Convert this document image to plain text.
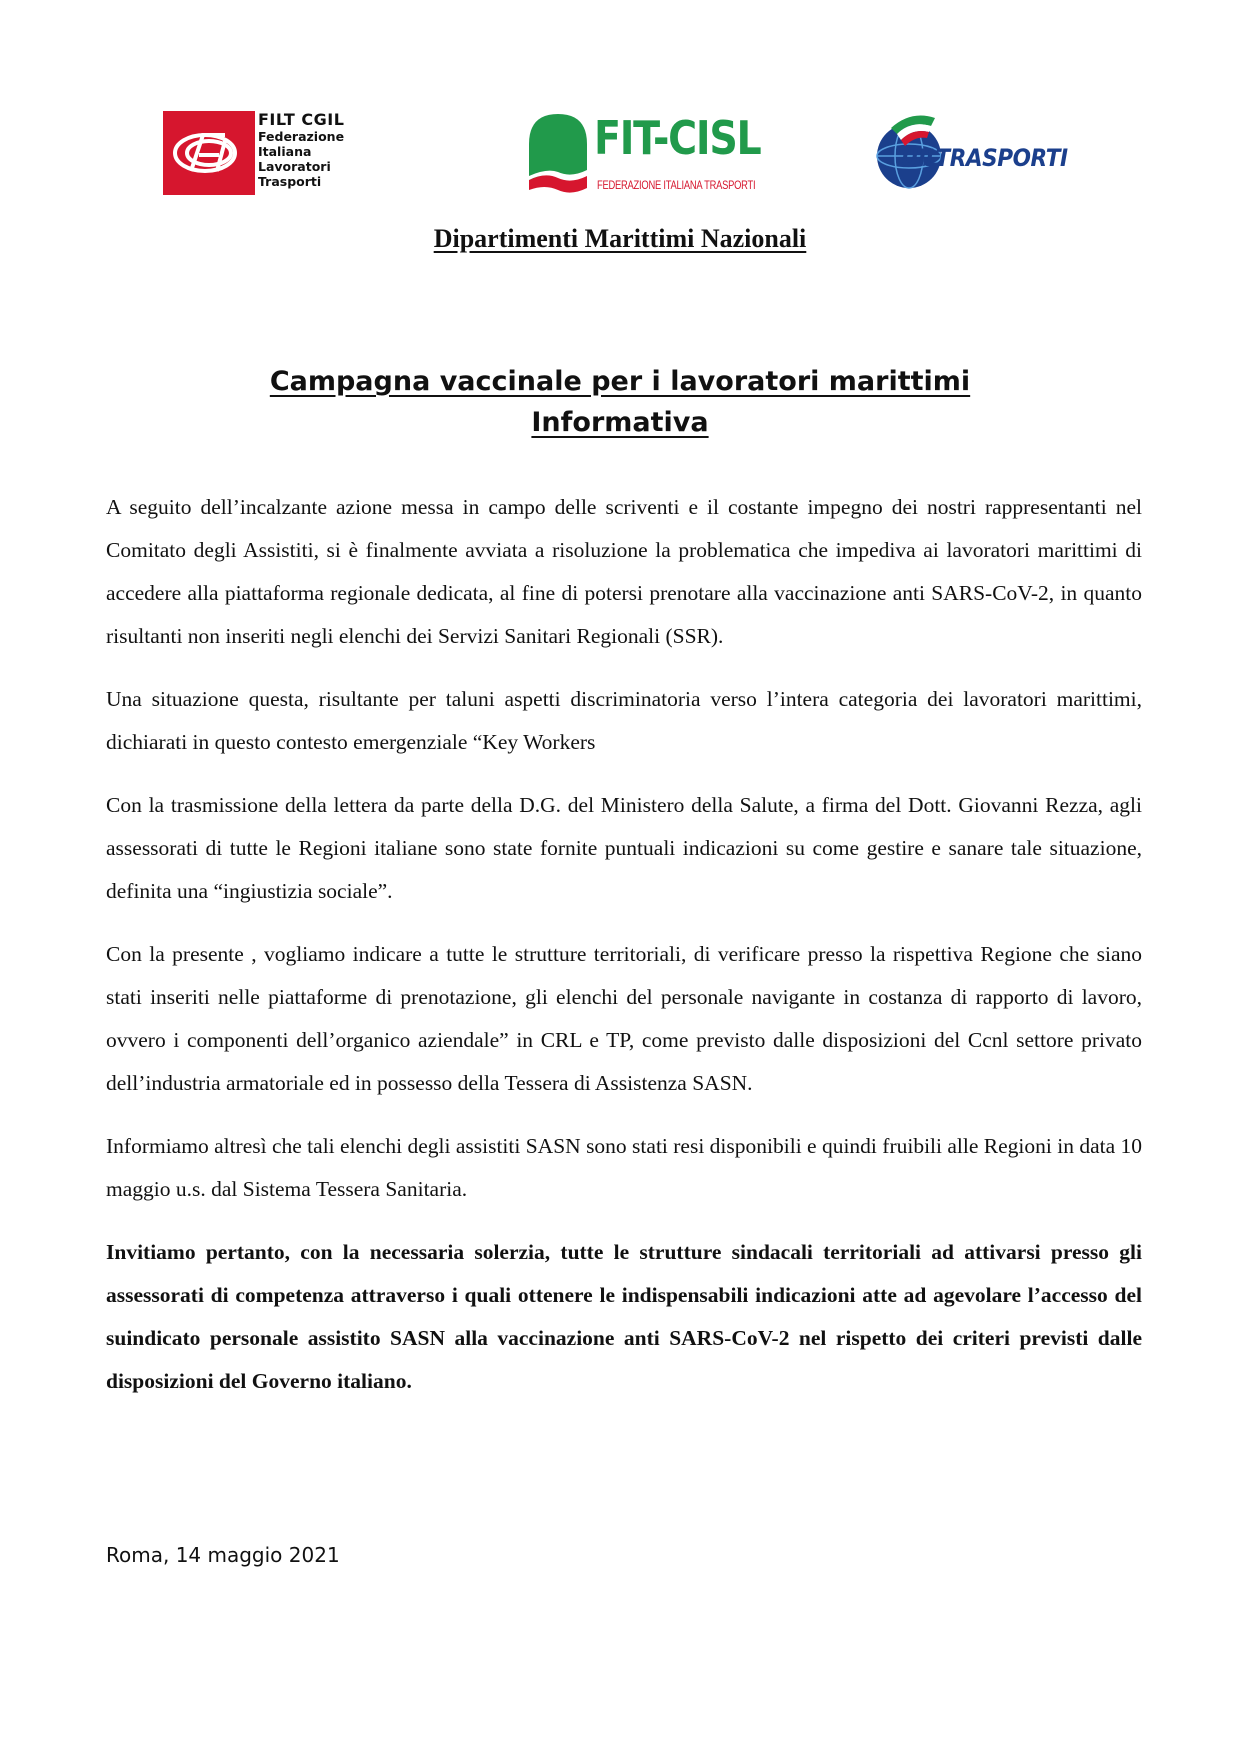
FILT CGIL
Federazione
Italiana
Lavoratori
Trasporti
FIT-CISL
FEDERAZIONE ITALIANA TRASPORTI
UILTRASPORTI
Dipartimenti Marittimi Nazionali
Campagna vaccinale per i lavoratori marittimi
Informativa

A seguito dell’incalzante azione messa in campo delle scriventi e il costante impegno dei nostri rappresentanti nel Comitato degli Assistiti, si è finalmente avviata a risoluzione la problematica che impediva ai lavoratori marittimi di accedere alla piattaforma regionale dedicata, al fine di potersi prenotare alla vaccinazione anti SARS-CoV-2, in quanto risultanti non inseriti negli elenchi dei Servizi Sanitari Regionali (SSR).

Una situazione questa, risultante per taluni aspetti discriminatoria verso l’intera categoria dei lavoratori marittimi, dichiarati in questo contesto emergenziale “Key Workers

Con la trasmissione della lettera da parte della D.G. del Ministero della Salute, a firma del Dott. Giovanni Rezza, agli assessorati di tutte le Regioni italiane sono state fornite puntuali indicazioni su come gestire e sanare tale situazione, definita una “ingiustizia sociale”.

Con la presente , vogliamo indicare a tutte le strutture territoriali, di verificare presso la rispettiva Regione che siano stati inseriti nelle piattaforme di prenotazione, gli elenchi del personale navigante in costanza di rapporto di lavoro, ovvero i componenti dell’organico aziendale” in CRL e TP, come previsto dalle disposizioni del Ccnl settore privato dell’industria armatoriale ed in possesso della Tessera di Assistenza SASN.

Informiamo altresì che tali elenchi degli assistiti SASN sono stati resi disponibili e quindi fruibili alle Regioni in data 10 maggio u.s. dal Sistema Tessera Sanitaria.

Invitiamo pertanto, con la necessaria solerzia, tutte le strutture sindacali territoriali ad attivarsi presso gli assessorati di competenza attraverso i quali ottenere le indispensabili indicazioni atte ad agevolare l’accesso del suindicato personale assistito SASN alla vaccinazione anti SARS-CoV-2 nel rispetto dei criteri previsti dalle disposizioni del Governo italiano.

Roma, 14 maggio 2021
